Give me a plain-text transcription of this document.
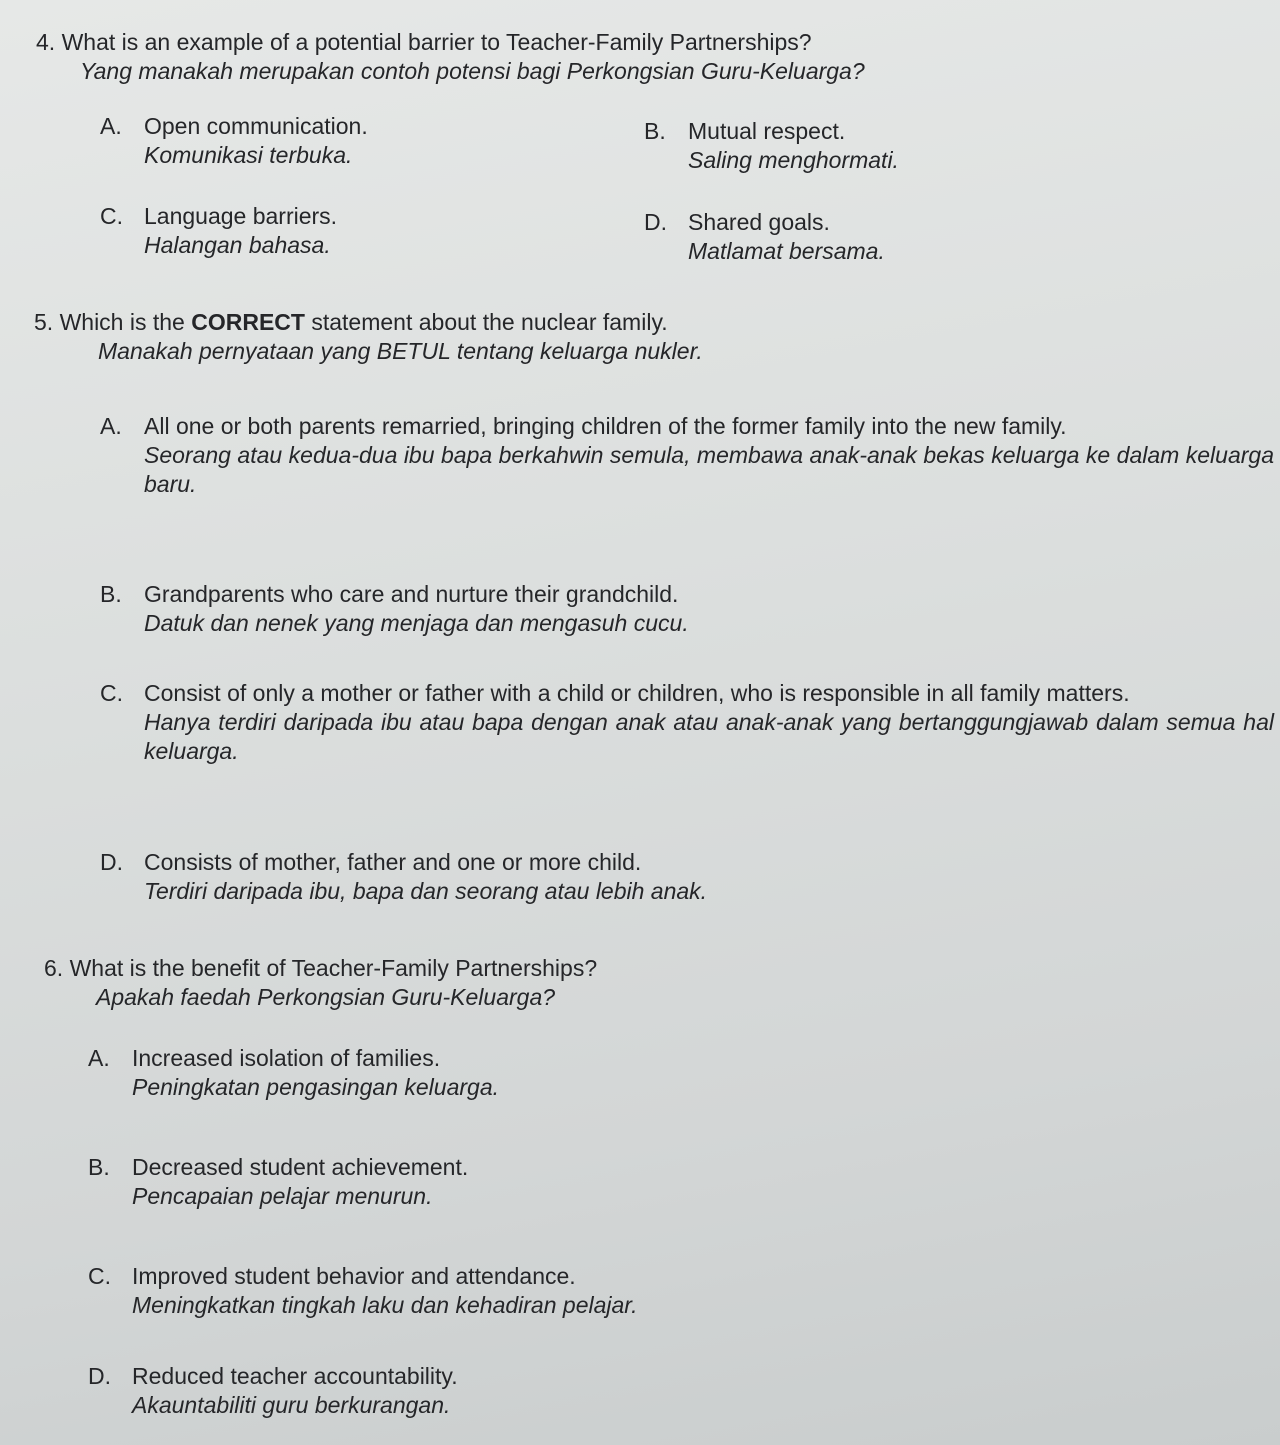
4. What is an example of a potential barrier to Teacher-Family Partnerships?

Yang manakah merupakan contoh potensi bagi Perkongsian Guru-Keluarga?

A. Open communication.
Komunikasi terbuka.
B. Mutual respect.
Saling menghormati.
C. Language barriers.
Halangan bahasa.
D. Shared goals.
Matlamat bersama.

5. Which is the CORRECT statement about the nuclear family.

Manakah pernyataan yang BETUL tentang keluarga nukler.

A. All one or both parents remarried, bringing children of the former family into the new family.
Seorang atau kedua-dua ibu bapa berkahwin semula, membawa anak-anak bekas keluarga ke dalam keluarga baru.
B. Grandparents who care and nurture their grandchild.
Datuk dan nenek yang menjaga dan mengasuh cucu.
C. Consist of only a mother or father with a child or children, who is responsible in all family matters.
Hanya terdiri daripada ibu atau bapa dengan anak atau anak-anak yang bertanggungjawab dalam semua hal keluarga.
D. Consists of mother, father and one or more child.
Terdiri daripada ibu, bapa dan seorang atau lebih anak.

6. What is the benefit of Teacher-Family Partnerships?

Apakah faedah Perkongsian Guru-Keluarga?

A. Increased isolation of families.
Peningkatan pengasingan keluarga.
B. Decreased student achievement.
Pencapaian pelajar menurun.
C. Improved student behavior and attendance.
Meningkatkan tingkah laku dan kehadiran pelajar.
D. Reduced teacher accountability.
Akauntabiliti guru berkurangan.
